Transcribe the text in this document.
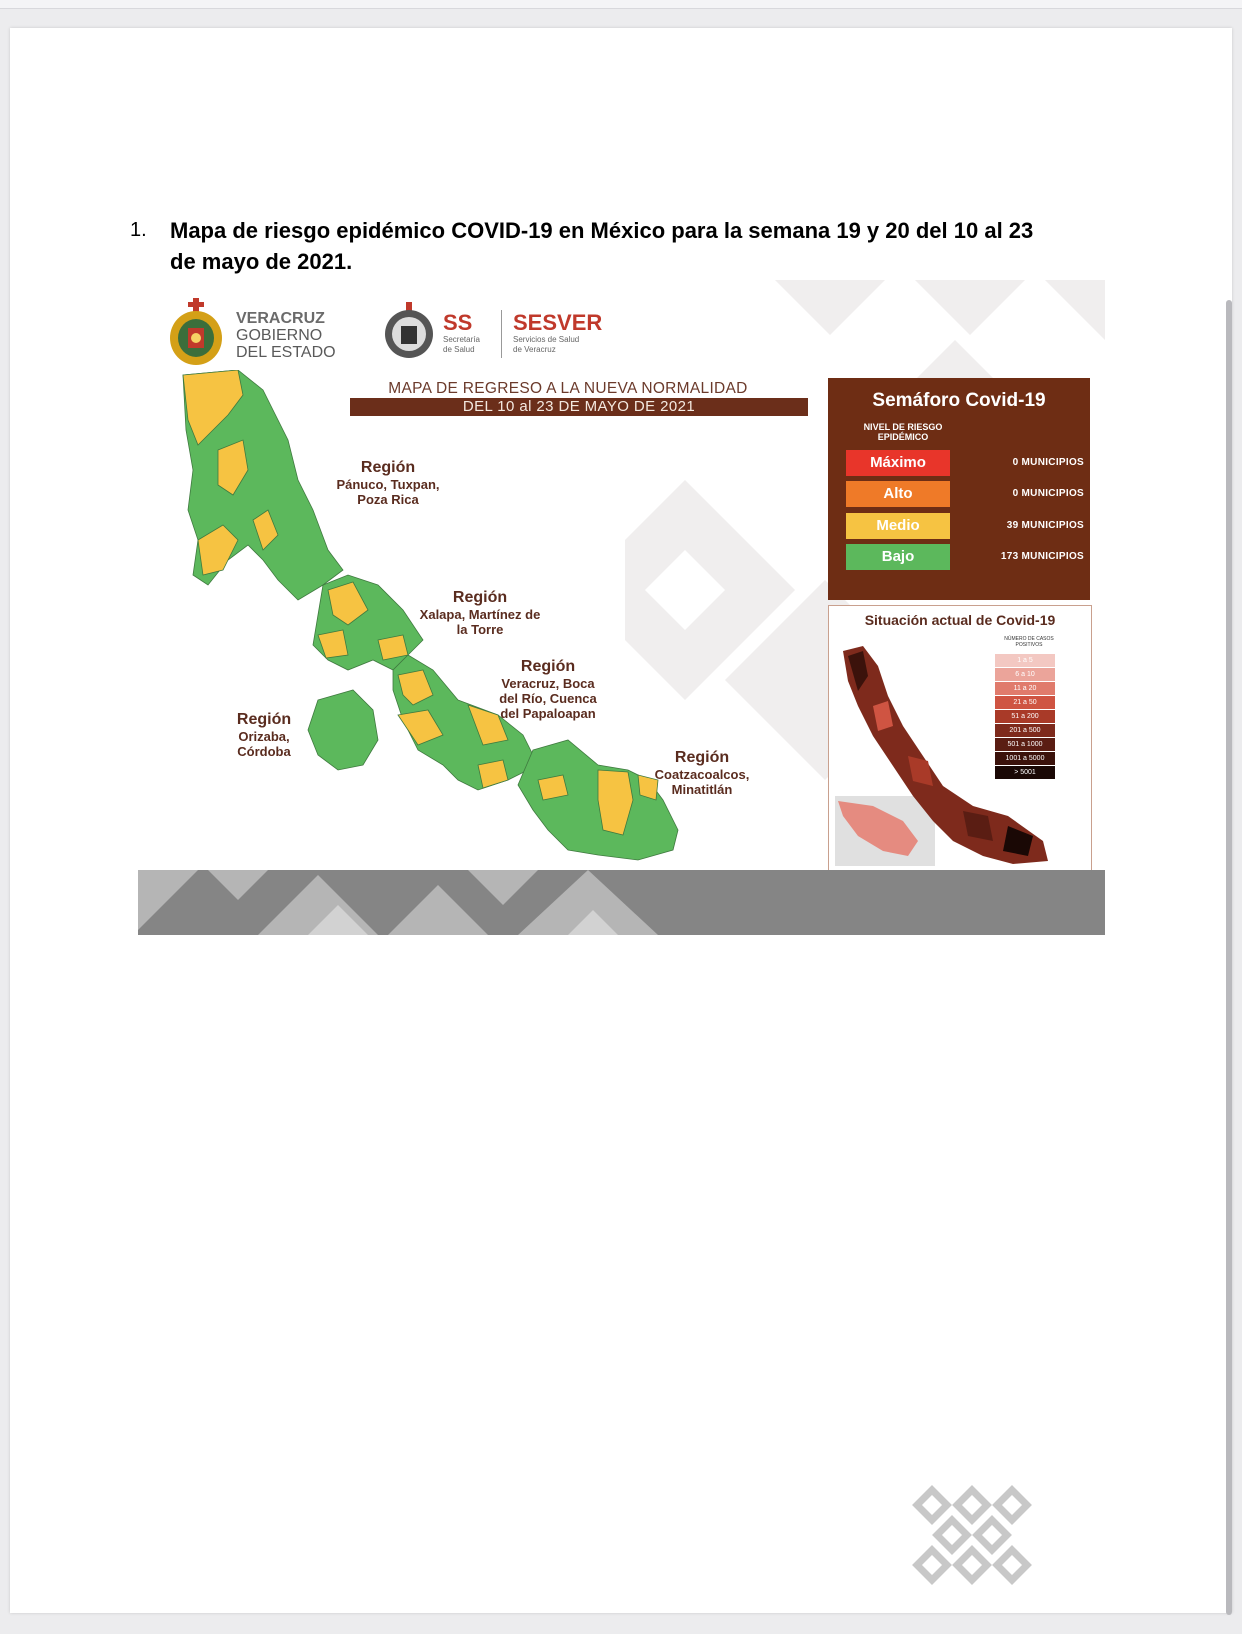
1. Mapa de riesgo epidémico COVID-19 en México para la semana 19 y 20 del 10 al 23 de mayo de 2021.
VERACRUZ
GOBIERNO
DEL ESTADO
SS
Secretaría
de Salud
SESVER
Servicios de Salud
de Veracruz
MAPA DE REGRESO A LA NUEVA NORMALIDAD
DEL 10 al 23 DE MAYO DE 2021
Región
Pánuco, Tuxpan,
Poza Rica
Región
Xalapa, Martínez de
la Torre
Región
Veracruz, Boca
del Río, Cuenca
del Papaloapan
Región
Orizaba,
Córdoba	Región
Coatzacoalcos,
Minatitlán
Semáforo Covid-19
NIVEL DE RIESGO EPIDÉMICO
Máximo	0 MUNICIPIOS
Alto	0 MUNICIPIOS
Medio	39 MUNICIPIOS
Bajo	173 MUNICIPIOS
Situación actual de Covid-19
NÚMERO DE CASOS POSITIVOS
1 a 5
6 a 10
11 a 20
21 a 50
51 a 200
201 a 500
501 a 1000
1001 a 5000
> 5001
